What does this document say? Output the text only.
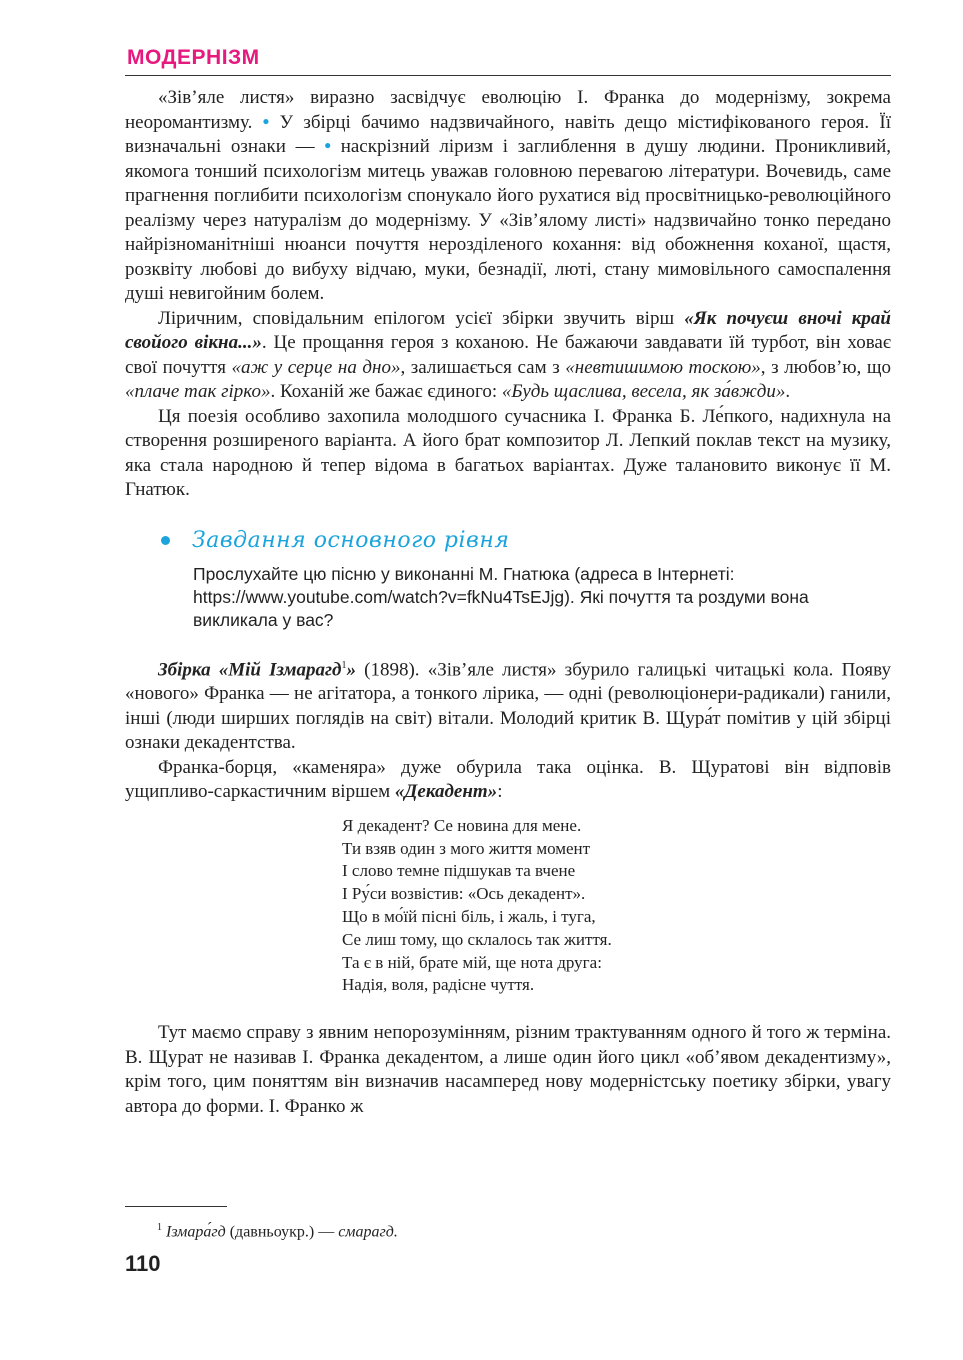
МОДЕРНІЗМ

«Зів’яле листя» виразно засвідчує еволюцію І. Франка до модернізму, зокрема неоромантизму. • У збірці бачимо надзвичайного, навіть дещо містифікованого героя. Її визначальні ознаки — • наскрізний ліризм і заглиблення в душу людини. Проникливий, якомога тонший психологізм митець уважав головною перевагою літератури. Вочевидь, саме прагнення поглибити психологізм спонукало його рухатися від просвітницько-революційного реалізму через натуралізм до модернізму. У «Зів’ялому листі» надзвичайно тонко передано найрізноманітніші нюанси почуття нерозділеного кохання: від обожнення коханої, щастя, розквіту любові до вибуху відчаю, муки, безнадії, люті, стану мимовільного самоспалення душі невигойним болем.

Ліричним, сповідальним епілогом усієї збірки звучить вірш «Як почуєш вночі край свойого вікна...». Це прощання героя з коханою. Не бажаючи завдавати їй турбот, він ховає свої почуття «аж у серце на дно», залишається сам з «невтишимою тоскою», з любов’ю, що «плаче так гірко». Коханій же бажає єдиного: «Будь щаслива, весела, як за́вжди».

Ця поезія особливо захопила молодшого сучасника І. Франка Б. Ле́пкого, надихнула на створення розширеного варіанта. А його брат композитор Л. Лепкий поклав текст на музику, яка стала народною й тепер відома в багатьох варіантах. Дуже талановито виконує її М. Гнатюк.

Завдання основного рівня
Прослухайте цю пісню у виконанні М. Гнатюка (адреса в Інтернеті: https://www.youtube.com/watch?v=fkNu4TsEJjg). Які почуття та роздуми вона викликала у вас?

Збірка «Мій Ізмарагд$^1$» (1898). «Зів’яле листя» збурило галицькі читацькі кола. Появу «нового» Франка — не агітатора, а тонкого лірика, — одні (революціонери-радикали) ганили, інші (люди ширших поглядів на світ) вітали. Молодий критик В. Щура́т помітив у цій збірці ознаки декадентства.

Франка-борця, «каменяра» дуже обурила така оцінка. В. Щуратові він відповів ущипливо-саркастичним віршем «Декадент»:

Я декадент? Се новина для мене.
Ти взяв один з мого життя момент
І слово темне підшукав та вчене
І Ру́си возвістив: «Ось декадент».
Що в мо́їй пісні біль, і жаль, і туга,
Се лиш тому, що склалось так життя.
Та є в ній, брате мій, ще нота друга:
Надія, воля, радісне чуття.

Тут маємо справу з явним непорозумінням, різним трактуванням одного й того ж терміна. В. Щурат не називав І. Франка декадентом, а лише один його цикл «об’явом декадентизму», крім того, цим поняттям він визначив насамперед нову модерністську поетику збірки, увагу автора до форми. І. Франко ж

$^1$ Ізмара́гд (давньоукр.) — смарагд.
110
